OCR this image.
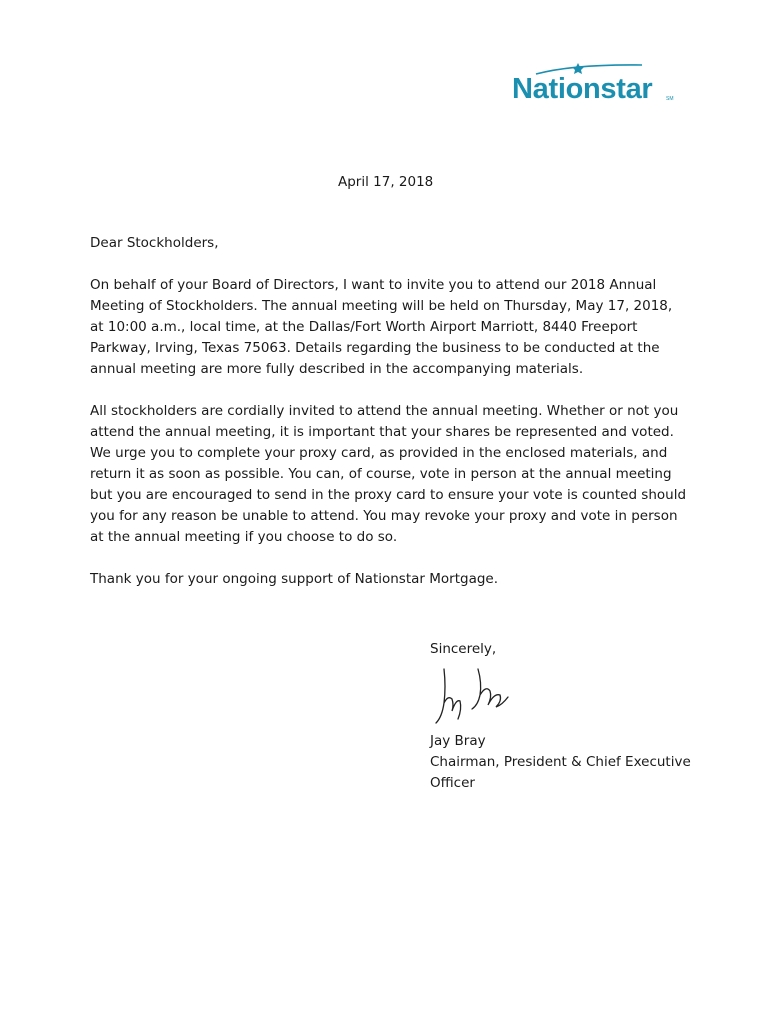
Nationstar	SM
April 17, 2018

Dear Stockholders,

On behalf of your Board of Directors, I want to invite you to attend our 2018 Annual Meeting of Stockholders. The annual meeting will be held on Thursday, May 17, 2018, at 10:00 a.m., local time, at the Dallas/Fort Worth Airport Marriott, 8440 Freeport Parkway, Irving, Texas 75063. Details regarding the business to be conducted at the annual meeting are more fully described in the accompanying materials.

All stockholders are cordially invited to attend the annual meeting. Whether or not you attend the annual meeting, it is important that your shares be represented and voted. We urge you to complete your proxy card, as provided in the enclosed materials, and return it as soon as possible. You can, of course, vote in person at the annual meeting but you are encouraged to send in the proxy card to ensure your vote is counted should you for any reason be unable to attend. You may revoke your proxy and vote in person at the annual meeting if you choose to do so.

Thank you for your ongoing support of Nationstar Mortgage.

Sincerely,
Jay Bray
Chairman, President & Chief Executive Officer
